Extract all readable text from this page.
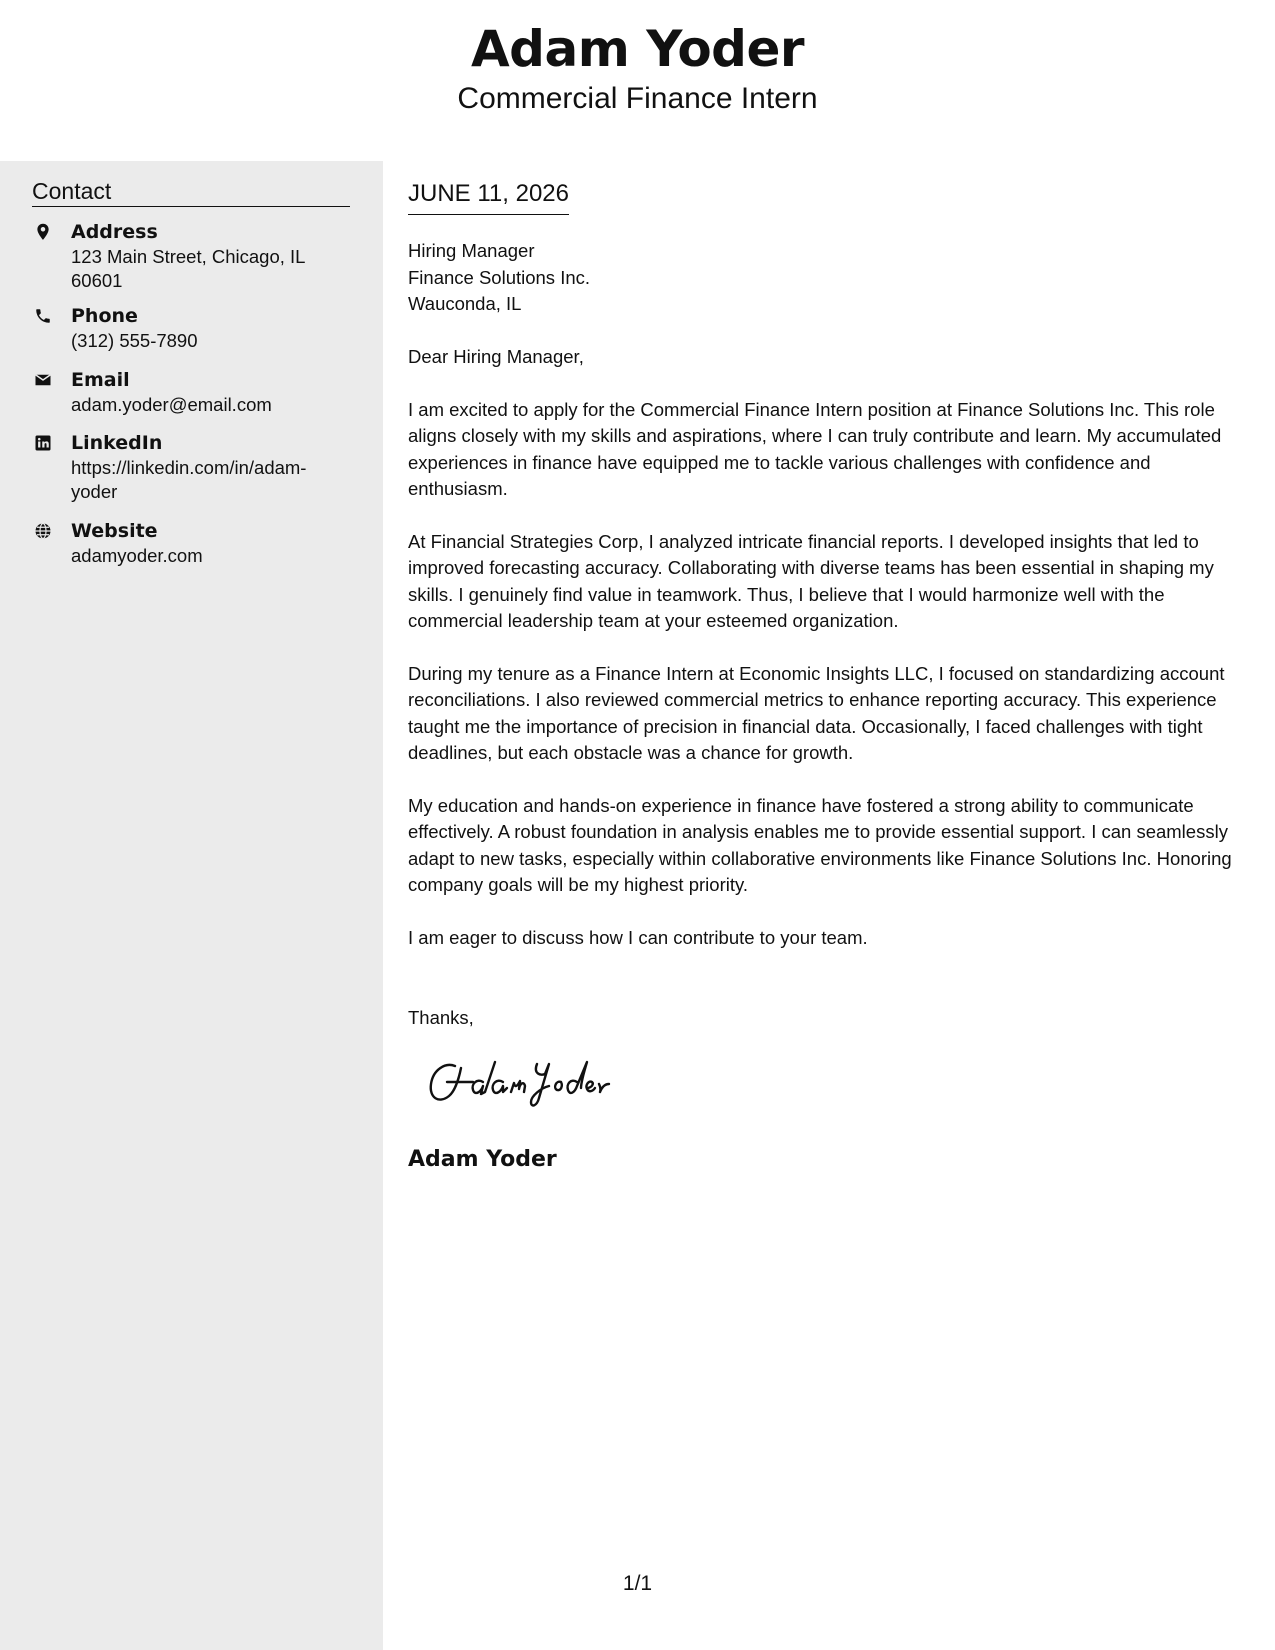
Adam Yoder
Commercial Finance Intern
Contact
Address
123 Main Street, Chicago, IL 60601
Phone
(312) 555-7890
Email
adam.yoder@email.com
LinkedIn
https://linkedin.com/in/adam-yoder
Website
adamyoder.com
JUNE 11, 2026
Hiring Manager
Finance Solutions Inc.
Wauconda, IL

Dear Hiring Manager,

I am excited to apply for the Commercial Finance Intern position at Finance Solutions Inc. This role aligns closely with my skills and aspirations, where I can truly contribute and learn. My accumulated experiences in finance have equipped me to tackle various challenges with confidence and enthusiasm.

At Financial Strategies Corp, I analyzed intricate financial reports. I developed insights that led to improved forecasting accuracy. Collaborating with diverse teams has been essential in shaping my skills. I genuinely find value in teamwork. Thus, I believe that I would harmonize well with the commercial leadership team at your esteemed organization.

During my tenure as a Finance Intern at Economic Insights LLC, I focused on standardizing account reconciliations. I also reviewed commercial metrics to enhance reporting accuracy. This experience taught me the importance of precision in financial data. Occasionally, I faced challenges with tight deadlines, but each obstacle was a chance for growth.

My education and hands-on experience in finance have fostered a strong ability to communicate effectively. A robust foundation in analysis enables me to provide essential support. I can seamlessly adapt to new tasks, especially within collaborative environments like Finance Solutions Inc. Honoring company goals will be my highest priority.

I am eager to discuss how I can contribute to your team.

Thanks,

Adam Yoder
1/1
